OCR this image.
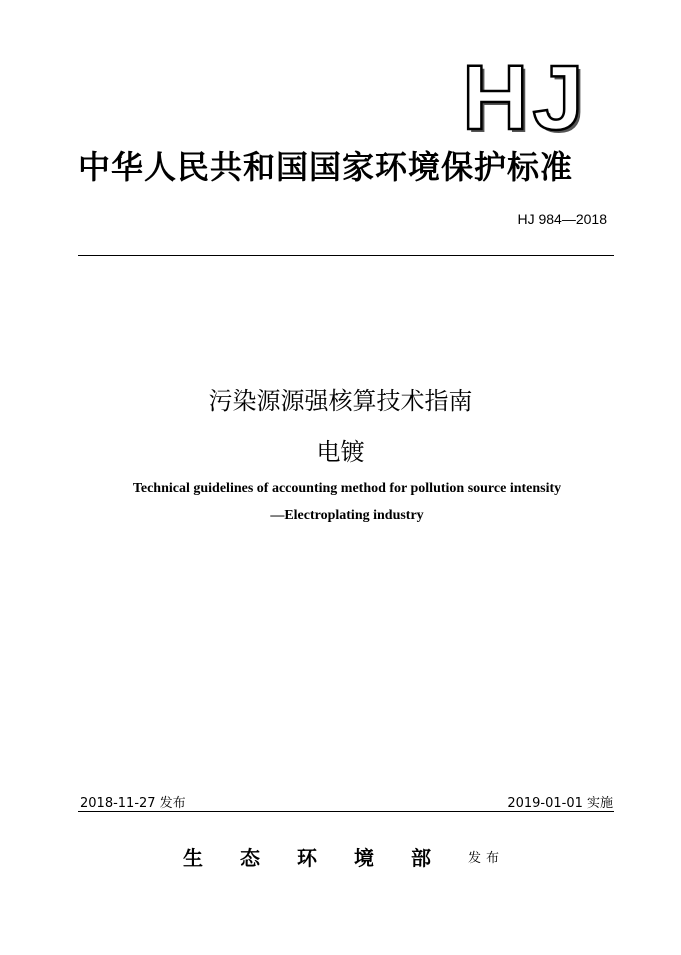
HJ
中华人民共和国国家环境保护标准
HJ 984—2018
污染源源强核算技术指南
电镀
Technical guidelines of accounting method for pollution source intensity
—Electroplating industry
2018-11-27 发布	2019-01-01 实施
生态环境部 发布
